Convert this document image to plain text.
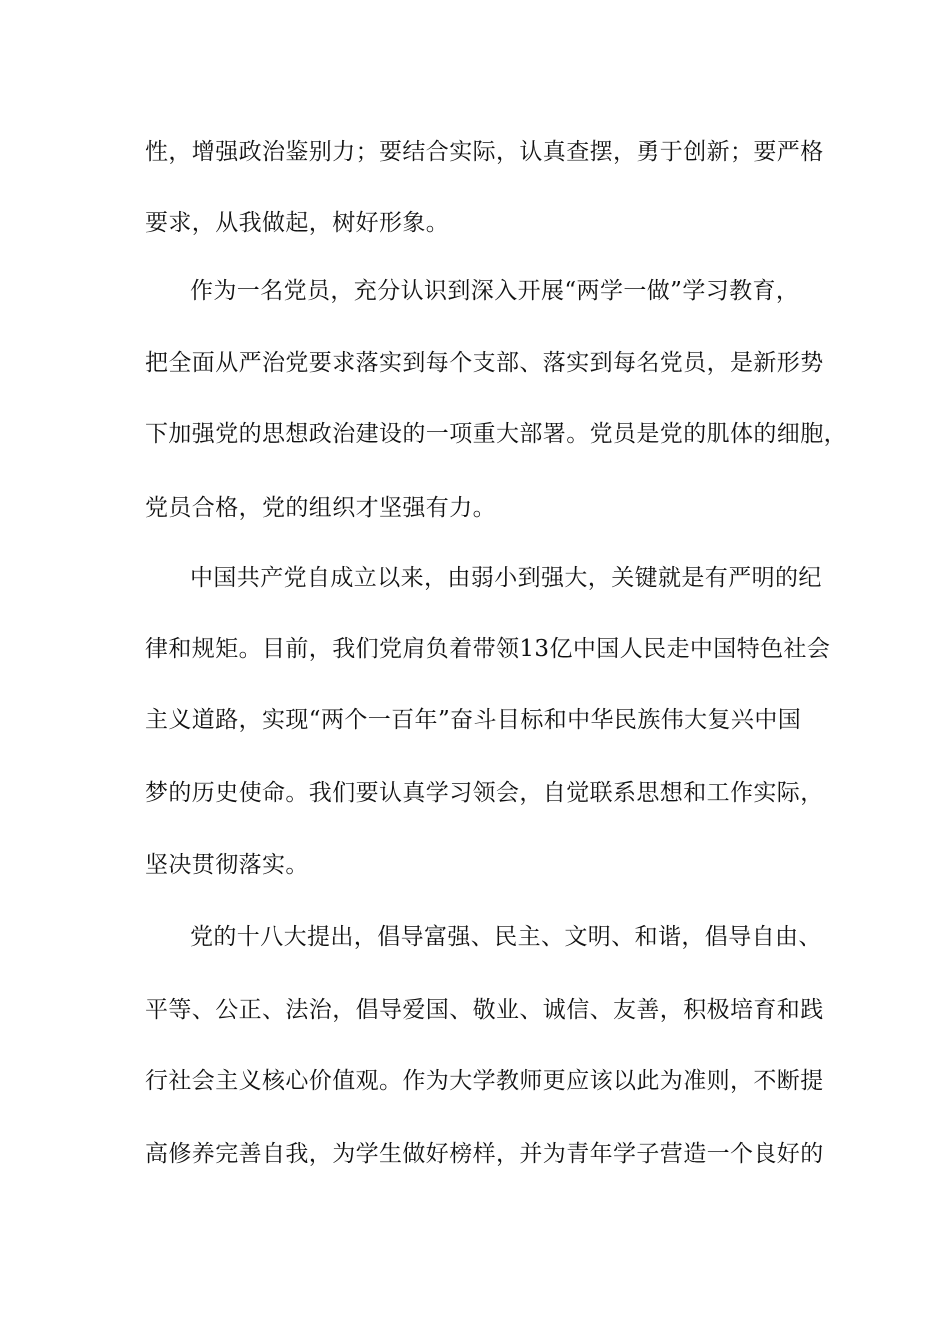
性，增强政治鉴别力；要结合实际，认真查摆，勇于创新；要严格
要求，从我做起，树好形象。
作为一名党员，充分认识到深入开展“两学一做”学习教育，
把全面从严治党要求落实到每个支部、落实到每名党员，是新形势
下加强党的思想政治建设的一项重大部署。党员是党的肌体的细胞，
党员合格，党的组织才坚强有力。
中国共产党自成立以来，由弱小到强大，关键就是有严明的纪
律和规矩。目前，我们党肩负着带领13亿中国人民走中国特色社会
主义道路，实现“两个一百年”奋斗目标和中华民族伟大复兴中国
梦的历史使命。我们要认真学习领会，自觉联系思想和工作实际，
坚决贯彻落实。
党的十八大提出，倡导富强、民主、文明、和谐，倡导自由、
平等、公正、法治，倡导爱国、敬业、诚信、友善，积极培育和践
行社会主义核心价值观。作为大学教师更应该以此为准则，不断提
高修养完善自我，为学生做好榜样，并为青年学子营造一个良好的
